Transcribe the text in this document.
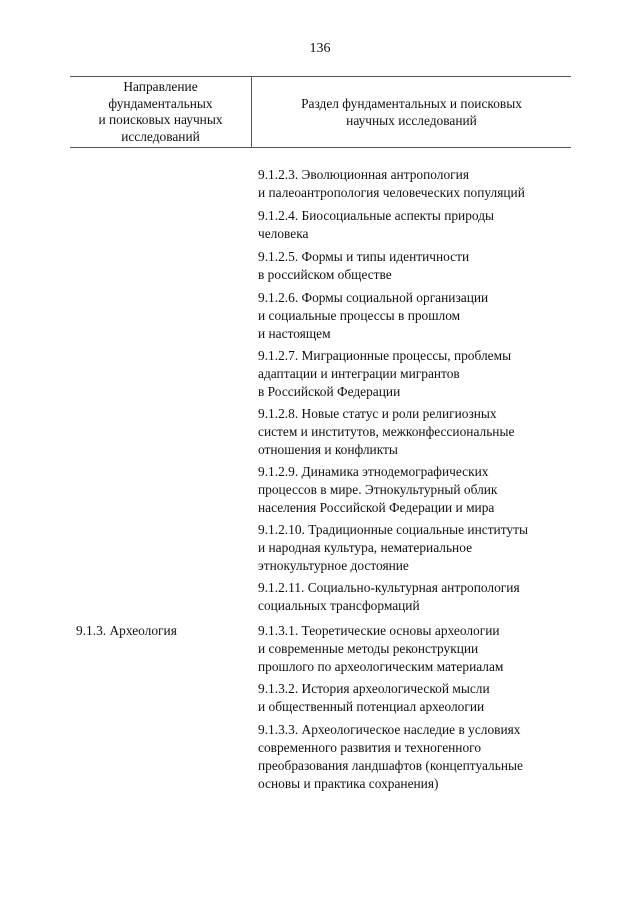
136
Направление
фундаментальных
и поисковых научных
исследований
Раздел фундаментальных и поисковых
научных исследований
9.1.3. Археология
9.1.2.3. Эволюционная антропология
и палеоантропология человеческих популяций
9.1.2.4. Биосоциальные аспекты природы
человека
9.1.2.5. Формы и типы идентичности
в российском обществе
9.1.2.6. Формы социальной организации
и социальные процессы в прошлом
и настоящем
9.1.2.7. Миграционные процессы, проблемы
адаптации и интеграции мигрантов
в Российской Федерации
9.1.2.8. Новые статус и роли религиозных
систем и институтов, межконфессиональные
отношения и конфликты
9.1.2.9. Динамика этнодемографических
процессов в мире. Этнокультурный облик
населения Российской Федерации и мира
9.1.2.10. Традиционные социальные институты
и народная культура, нематериальное
этнокультурное достояние
9.1.2.11. Социально-культурная антропология
социальных трансформаций
9.1.3.1. Теоретические основы археологии
и современные методы реконструкции
прошлого по археологическим материалам
9.1.3.2. История археологической мысли
и общественный потенциал археологии
9.1.3.3. Археологическое наследие в условиях
современного развития и техногенного
преобразования ландшафтов (концептуальные
основы и практика сохранения)
